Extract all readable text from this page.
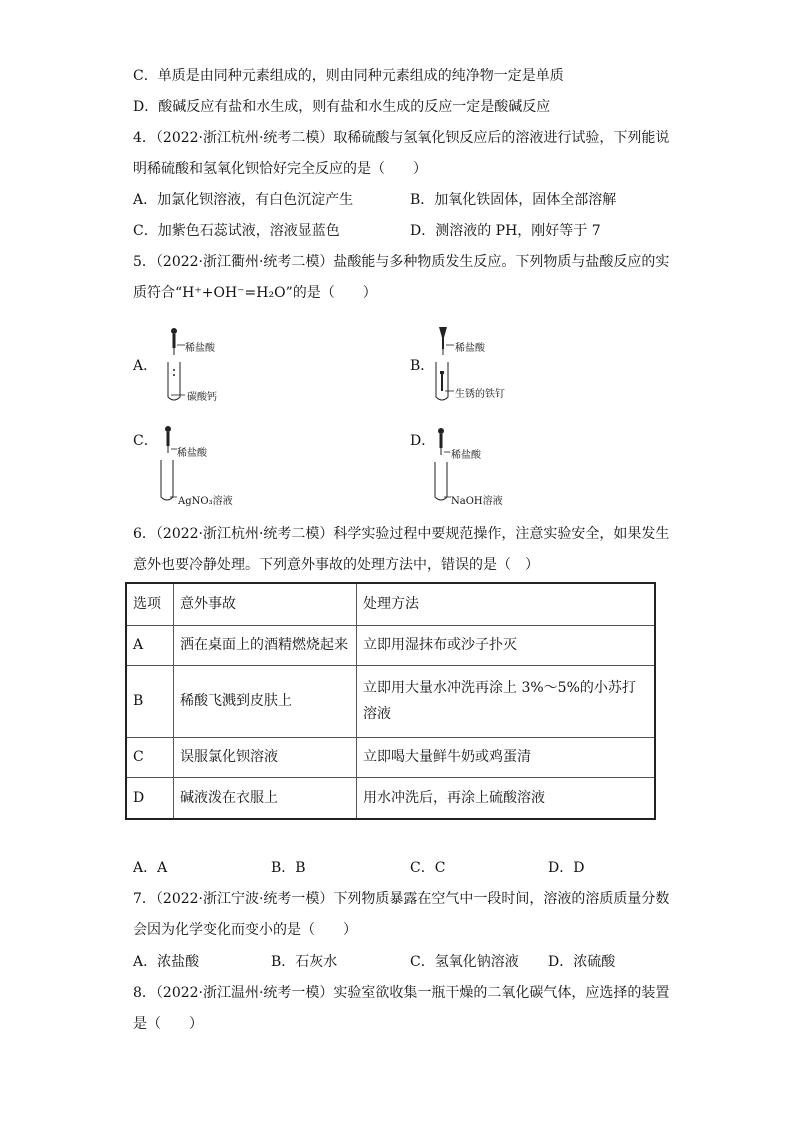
C．单质是由同种元素组成的，则由同种元素组成的纯净物一定是单质
D．酸碱反应有盐和水生成，则有盐和水生成的反应一定是酸碱反应
4．（2022·浙江杭州·统考二模）取稀硫酸与氢氧化钡反应后的溶液进行试验，下列能说
明稀硫酸和氢氧化钡恰好完全反应的是（　　）
A．加氯化钡溶液，有白色沉淀产生	B．加氧化铁固体，固体全部溶解
C．加紫色石蕊试液，溶液显蓝色	D．测溶液的 PH，刚好等于 7
5．（2022·浙江衢州·统考二模）盐酸能与多种物质发生反应。下列物质与盐酸反应的实
质符合“H⁺+OH⁻=H₂O”的是（　　）
A．
稀盐酸
碳酸钙
B．
稀盐酸
生锈的铁钉
C．
稀盐酸
AgNO₃溶液
D．
稀盐酸
NaOH溶液
6．（2022·浙江杭州·统考二模）科学实验过程中要规范操作，注意实验安全，如果发生
意外也要冷静处理。下列意外事故的处理方法中，错误的是（　）
选项	意外事故	处理方法
A	洒在桌面上的酒精燃烧起来	立即用湿抹布或沙子扑灭
B	稀酸飞溅到皮肤上	立即用大量水冲洗再涂上 3%～5%的小苏打溶液
C	误服氯化钡溶液	立即喝大量鲜牛奶或鸡蛋清
D	碱液泼在衣服上	用水冲洗后，再涂上硫酸溶液
A．A	B．B	C．C	D．D
7．（2022·浙江宁波·统考一模）下列物质暴露在空气中一段时间，溶液的溶质质量分数
会因为化学变化而变小的是（　　）
A．浓盐酸	B．石灰水	C．氢氧化钠溶液 D．浓硫酸
8．（2022·浙江温州·统考一模）实验室欲收集一瓶干燥的二氧化碳气体，应选择的装置
是（　　）
